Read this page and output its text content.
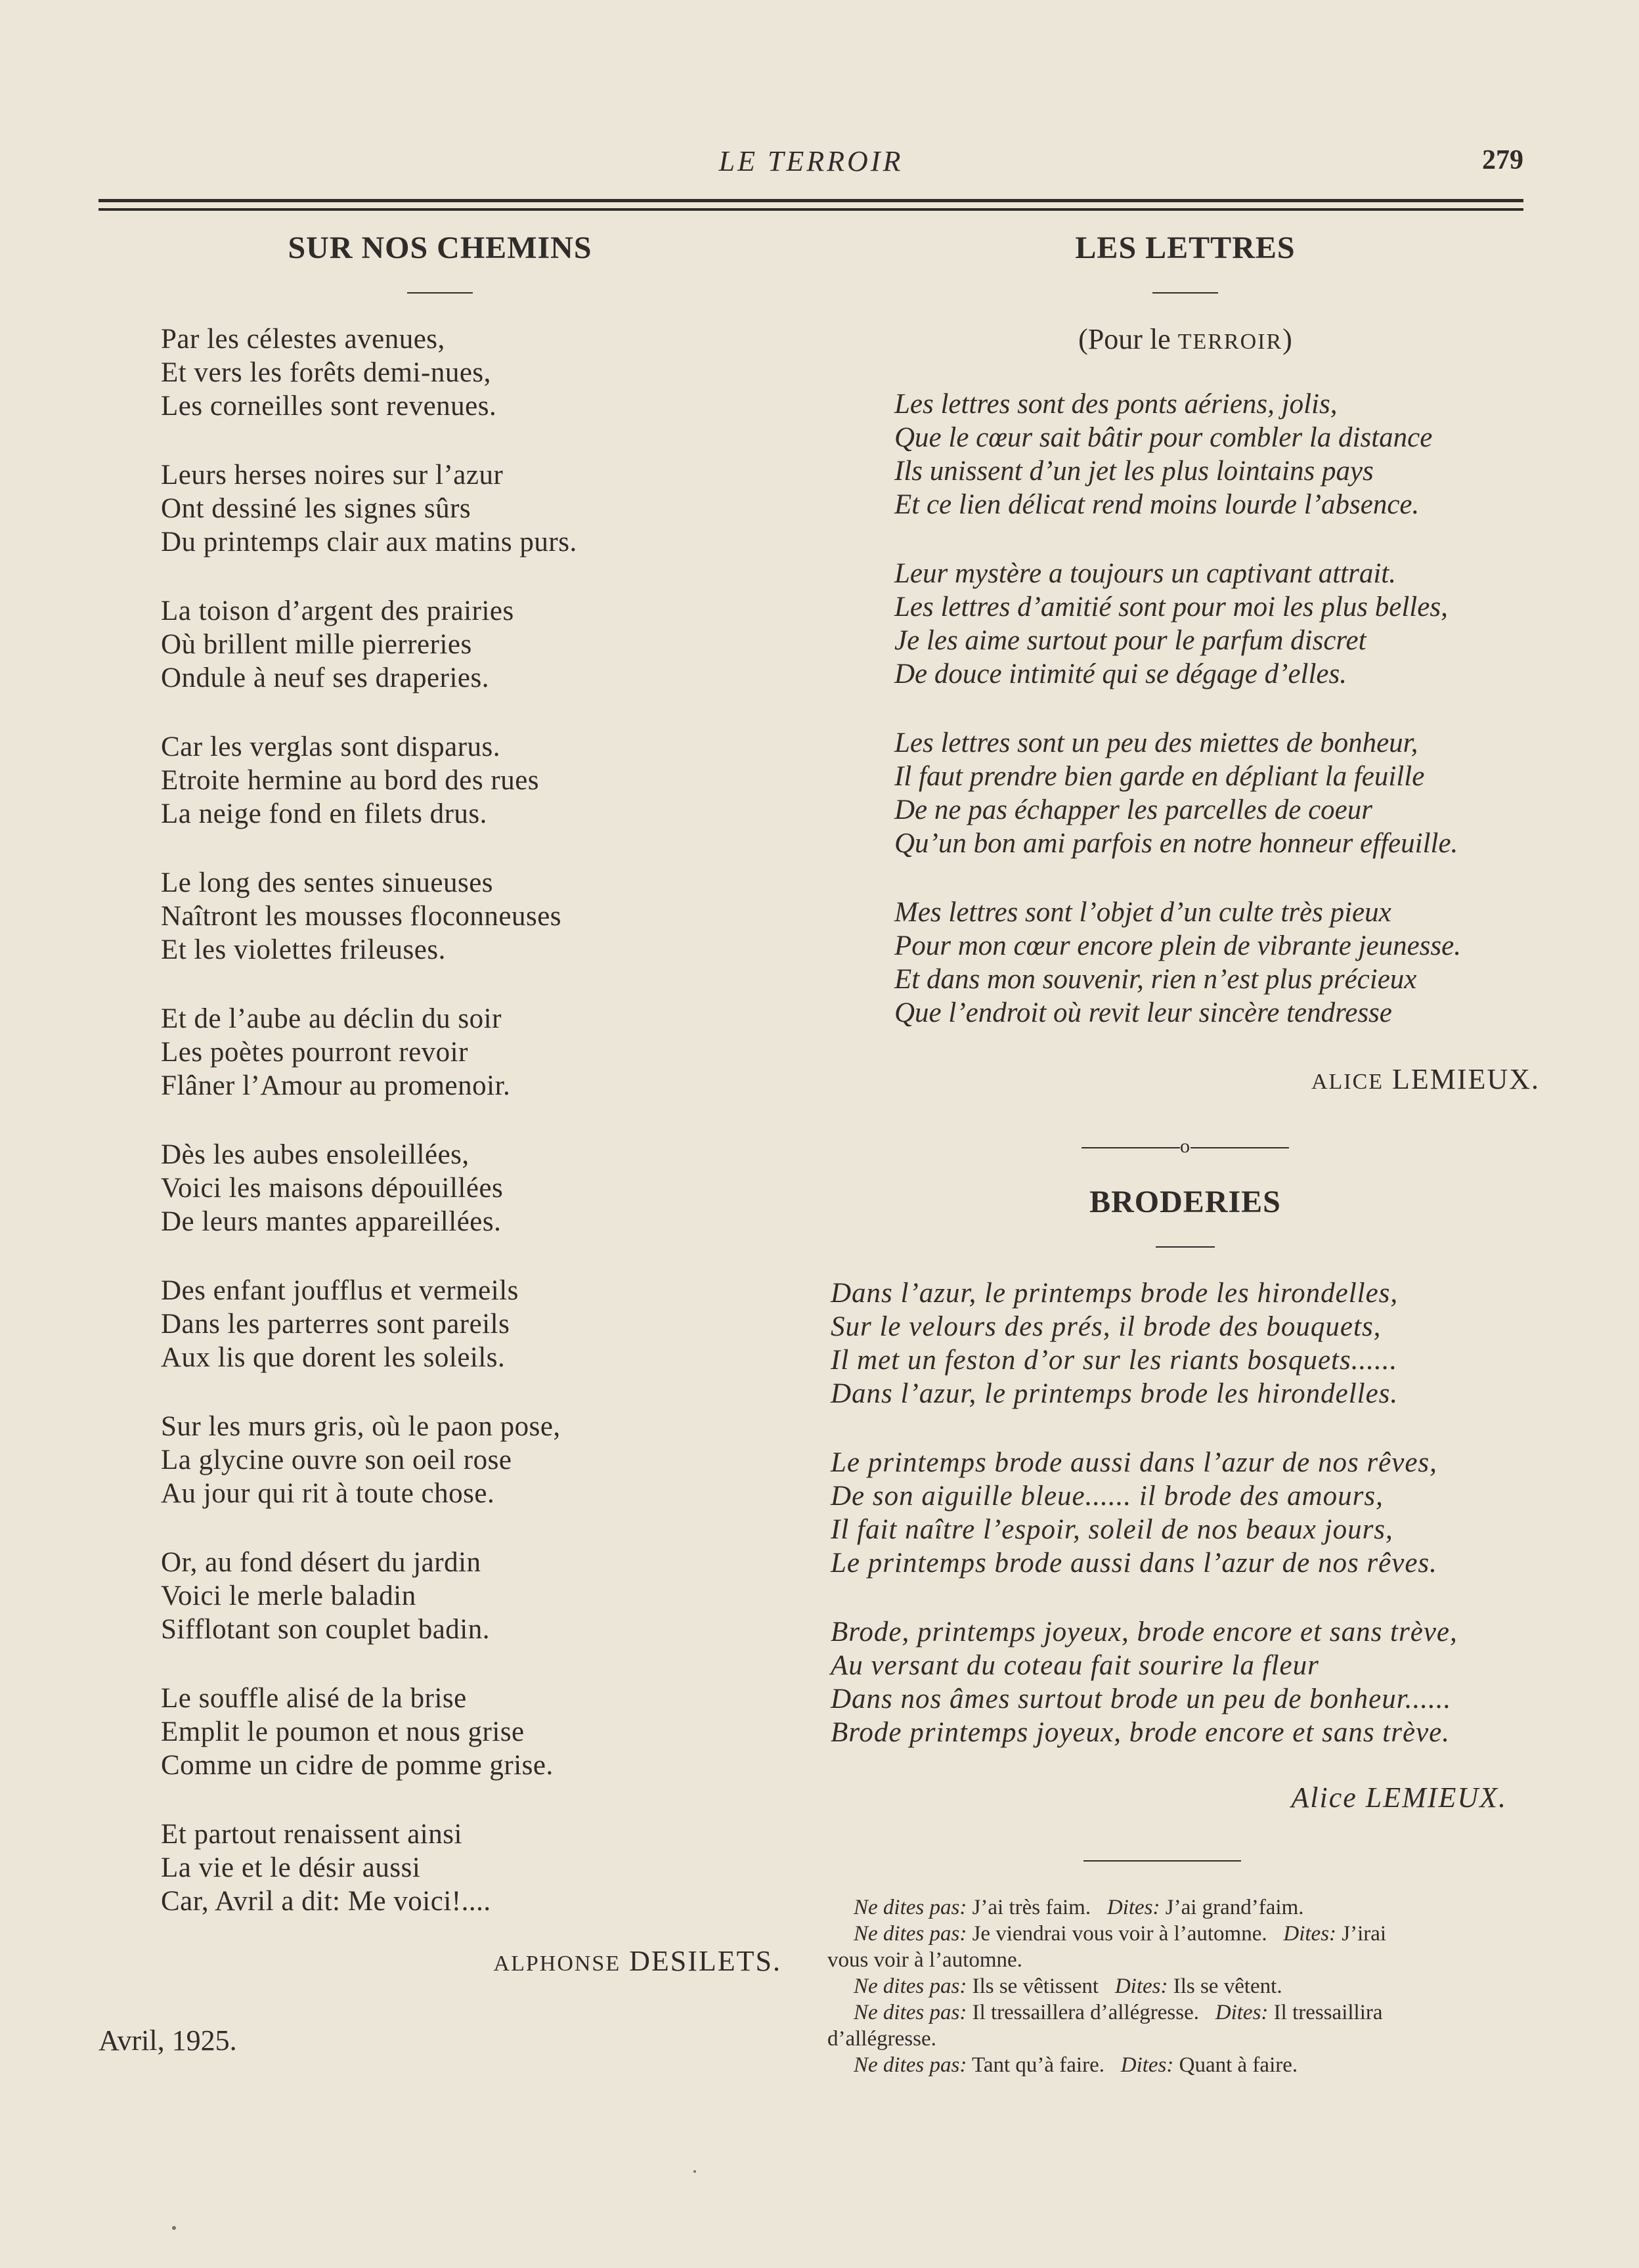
LE TERROIR	279
SUR NOS CHEMINS
Par les célestes avenues,
Et vers les forêts demi-nues,
Les corneilles sont revenues.
Leurs herses noires sur l’azur
Ont dessiné les signes sûrs
Du printemps clair aux matins purs.
La toison d’argent des prairies
Où brillent mille pierreries
Ondule à neuf ses draperies.
Car les verglas sont disparus.
Etroite hermine au bord des rues
La neige fond en filets drus.
Le long des sentes sinueuses
Naîtront les mousses floconneuses
Et les violettes frileuses.
Et de l’aube au déclin du soir
Les poètes pourront revoir
Flâner l’Amour au promenoir.
Dès les aubes ensoleillées,
Voici les maisons dépouillées
De leurs mantes appareillées.
Des enfant joufflus et vermeils
Dans les parterres sont pareils
Aux lis que dorent les soleils.
Sur les murs gris, où le paon pose,
La glycine ouvre son oeil rose
Au jour qui rit à toute chose.
Or, au fond désert du jardin
Voici le merle baladin
Sifflotant son couplet badin.
Le souffle alisé de la brise
Emplit le poumon et nous grise
Comme un cidre de pomme grise.
Et partout renaissent ainsi
La vie et le désir aussi
Car, Avril a dit: Me voici!....
ALPHONSE DESILETS.
Avril, 1925.
LES LETTRES
(Pour le TERROIR)
Les lettres sont des ponts aériens, jolis,
Que le cœur sait bâtir pour combler la distance
Ils unissent d’un jet les plus lointains pays
Et ce lien délicat rend moins lourde l’absence.
Leur mystère a toujours un captivant attrait.
Les lettres d’amitié sont pour moi les plus belles,
Je les aime surtout pour le parfum discret
De douce intimité qui se dégage d’elles.
Les lettres sont un peu des miettes de bonheur,
Il faut prendre bien garde en dépliant la feuille
De ne pas échapper les parcelles de coeur
Qu’un bon ami parfois en notre honneur effeuille.
Mes lettres sont l’objet d’un culte très pieux
Pour mon cœur encore plein de vibrante jeunesse.
Et dans mon souvenir, rien n’est plus précieux
Que l’endroit où revit leur sincère tendresse
ALICE LEMIEUX.
o
BRODERIES
Dans l’azur, le printemps brode les hirondelles,
Sur le velours des prés, il brode des bouquets,
Il met un feston d’or sur les riants bosquets......
Dans l’azur, le printemps brode les hirondelles.
Le printemps brode aussi dans l’azur de nos rêves,
De son aiguille bleue...... il brode des amours,
Il fait naître l’espoir, soleil de nos beaux jours,
Le printemps brode aussi dans l’azur de nos rêves.
Brode, printemps joyeux, brode encore et sans trève,
Au versant du coteau fait sourire la fleur
Dans nos âmes surtout brode un peu de bonheur......
Brode printemps joyeux, brode encore et sans trève.
Alice LEMIEUX.
Ne dites pas: J’ai très faim. Dites: J’ai grand’faim.
Ne dites pas: Je viendrai vous voir à l’automne. Dites: J’irai
vous voir à l’automne.
Ne dites pas: Ils se vêtissent Dites: Ils se vêtent.
Ne dites pas: Il tressaillera d’allégresse. Dites: Il tressaillira
d’allégresse.
Ne dites pas: Tant qu’à faire. Dites: Quant à faire.
